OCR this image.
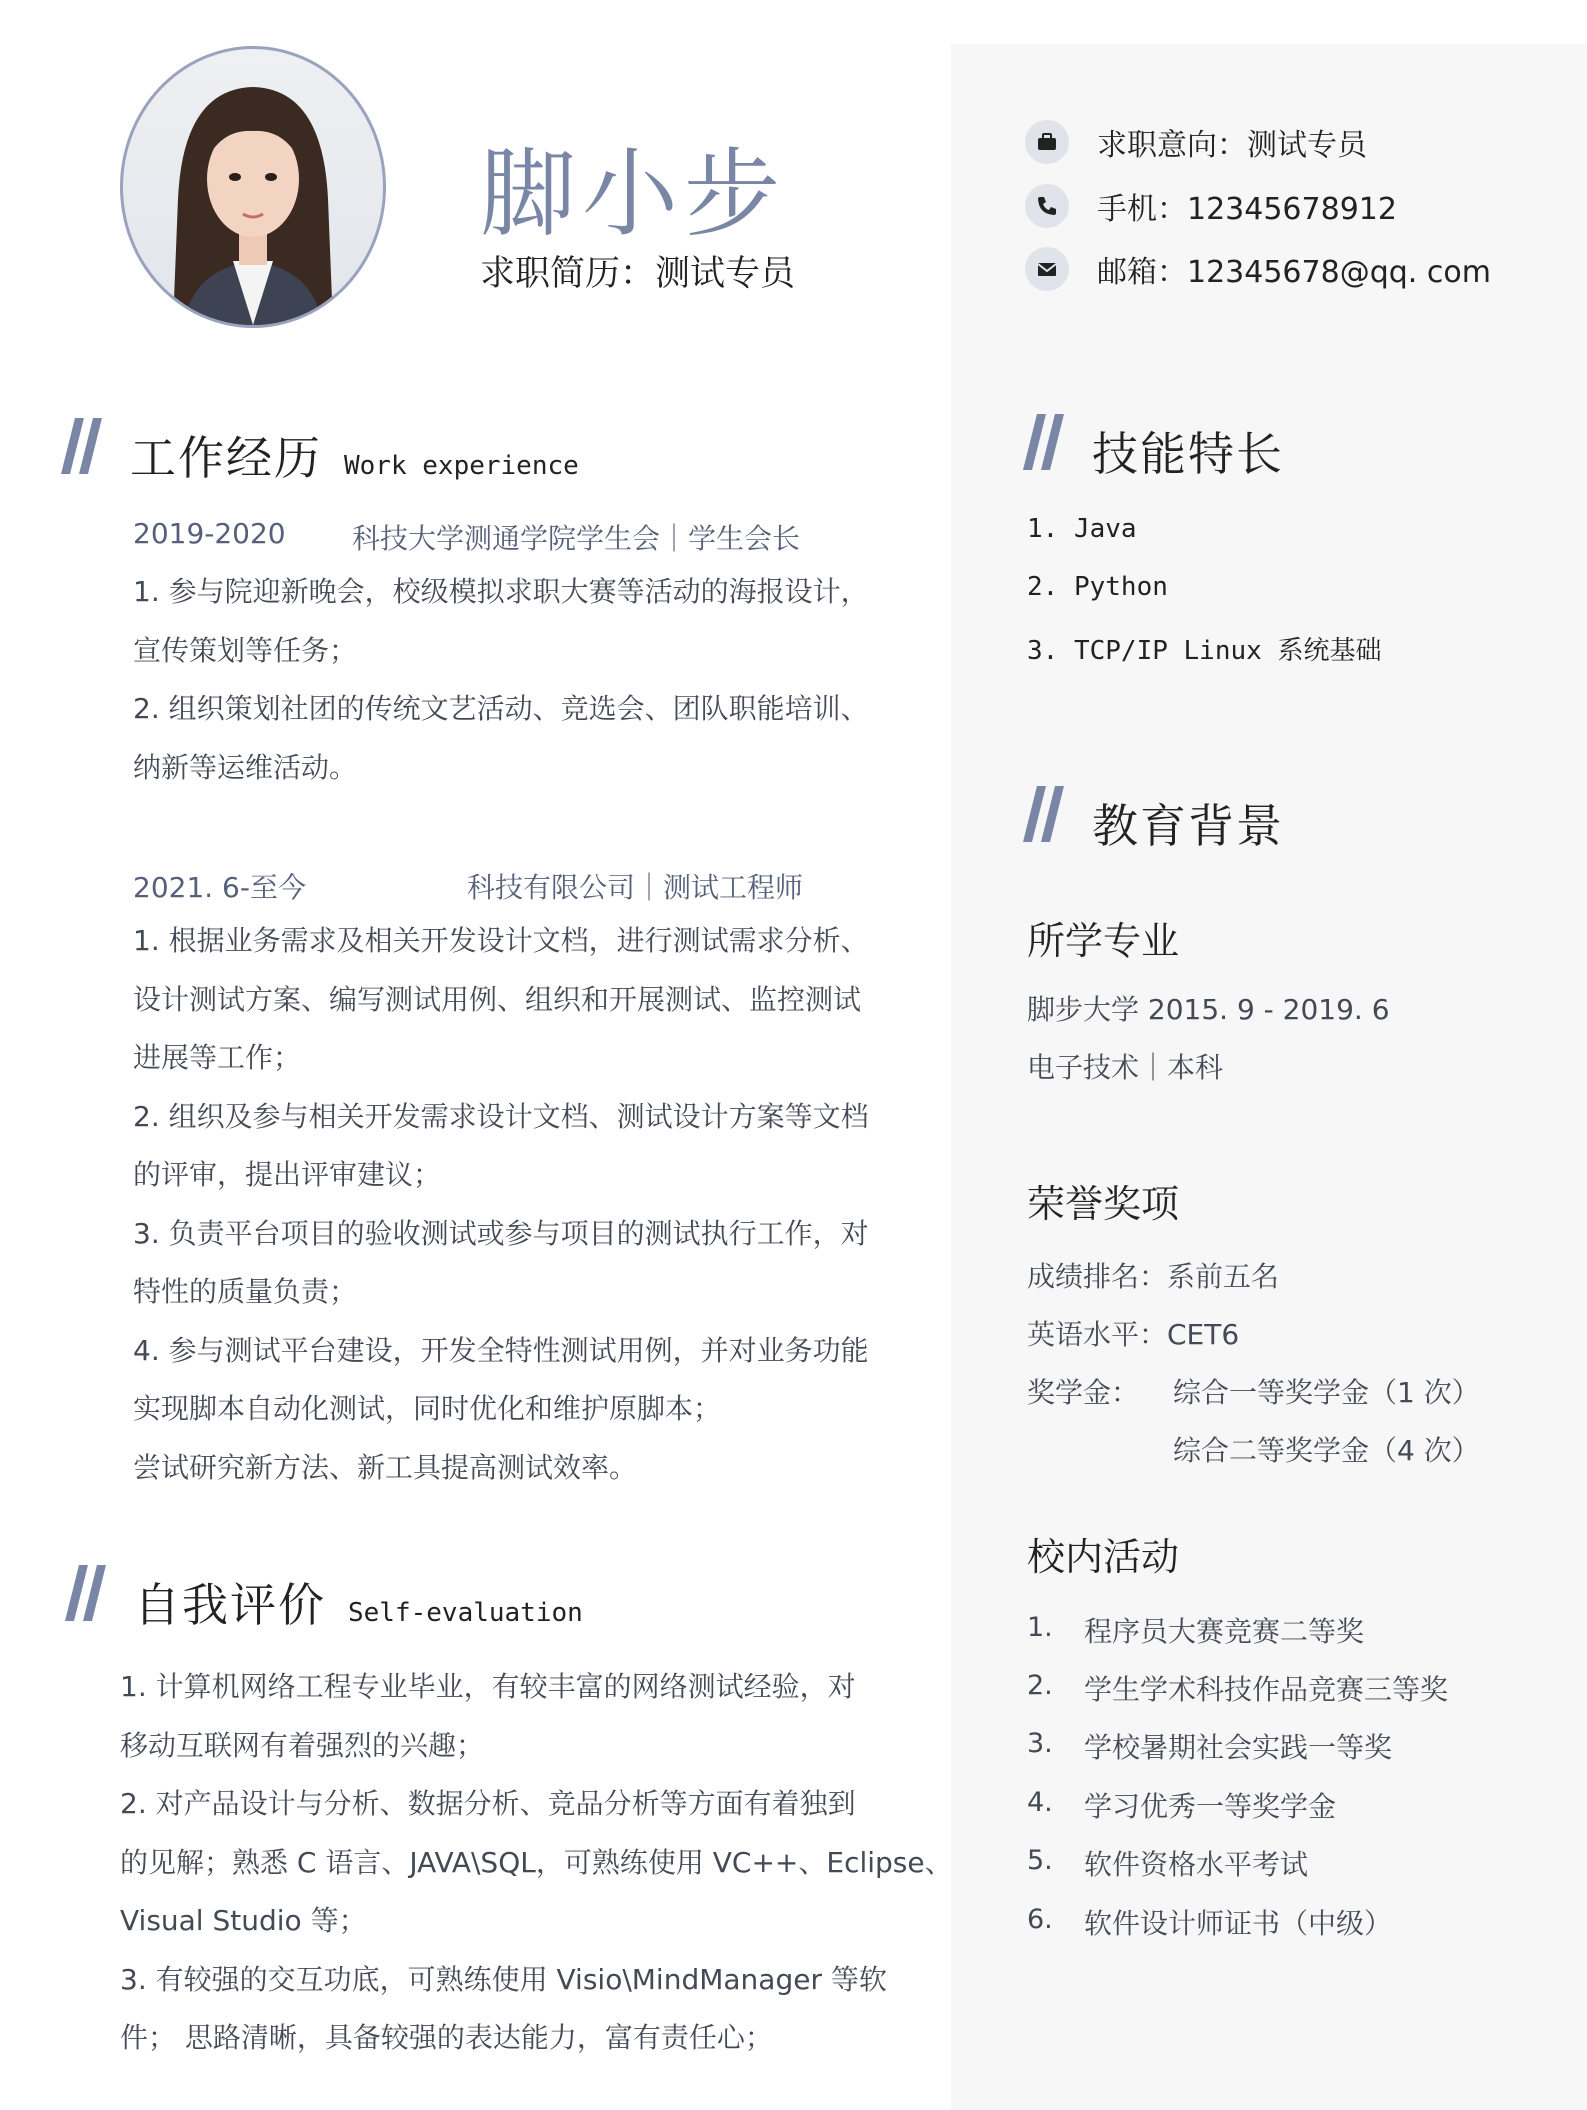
脚小步
求职简历：测试专员
求职意向：测试专员
手机：12345678912
邮箱：12345678@qq. com
工作经历 Work experience
2019-2020 科技大学测通学院学生会｜学生会长
1. 参与院迎新晚会，校级模拟求职大赛等活动的海报设计，
宣传策划等任务；
2. 组织策划社团的传统文艺活动、竞选会、团队职能培训、
纳新等运维活动。
2021. 6-至今	科技有限公司｜测试工程师
1. 根据业务需求及相关开发设计文档，进行测试需求分析、
设计测试方案、编写测试用例、组织和开展测试、监控测试
进展等工作；
2. 组织及参与相关开发需求设计文档、测试设计方案等文档
的评审，提出评审建议；
3. 负责平台项目的验收测试或参与项目的测试执行工作，对
特性的质量负责；
4. 参与测试平台建设，开发全特性测试用例，并对业务功能
实现脚本自动化测试，同时优化和维护原脚本；
尝试研究新方法、新工具提高测试效率。
自我评价 Self-evaluation
1. 计算机网络工程专业毕业，有较丰富的网络测试经验，对
移动互联网有着强烈的兴趣；
2. 对产品设计与分析、数据分析、竞品分析等方面有着独到
的见解；熟悉 C 语言、JAVA\SQL，可熟练使用 VC++、Eclipse、
Visual Studio 等；
3. 有较强的交互功底，可熟练使用 Visio\MindManager 等软
件； 思路清晰，具备较强的表达能力，富有责任心；
技能特长
1. Java
2. Python
3. TCP/IP Linux 系统基础
教育背景
所学专业
脚步大学 2015. 9 - 2019. 6
电子技术｜本科
荣誉奖项
成绩排名：系前五名
英语水平：CET6
奖学金： 综合一等奖学金（1 次）
综合二等奖学金（4 次）
校内活动
1. 程序员大赛竞赛二等奖
2. 学生学术科技作品竞赛三等奖
3. 学校暑期社会实践一等奖
4. 学习优秀一等奖学金
5. 软件资格水平考试
6. 软件设计师证书（中级）
